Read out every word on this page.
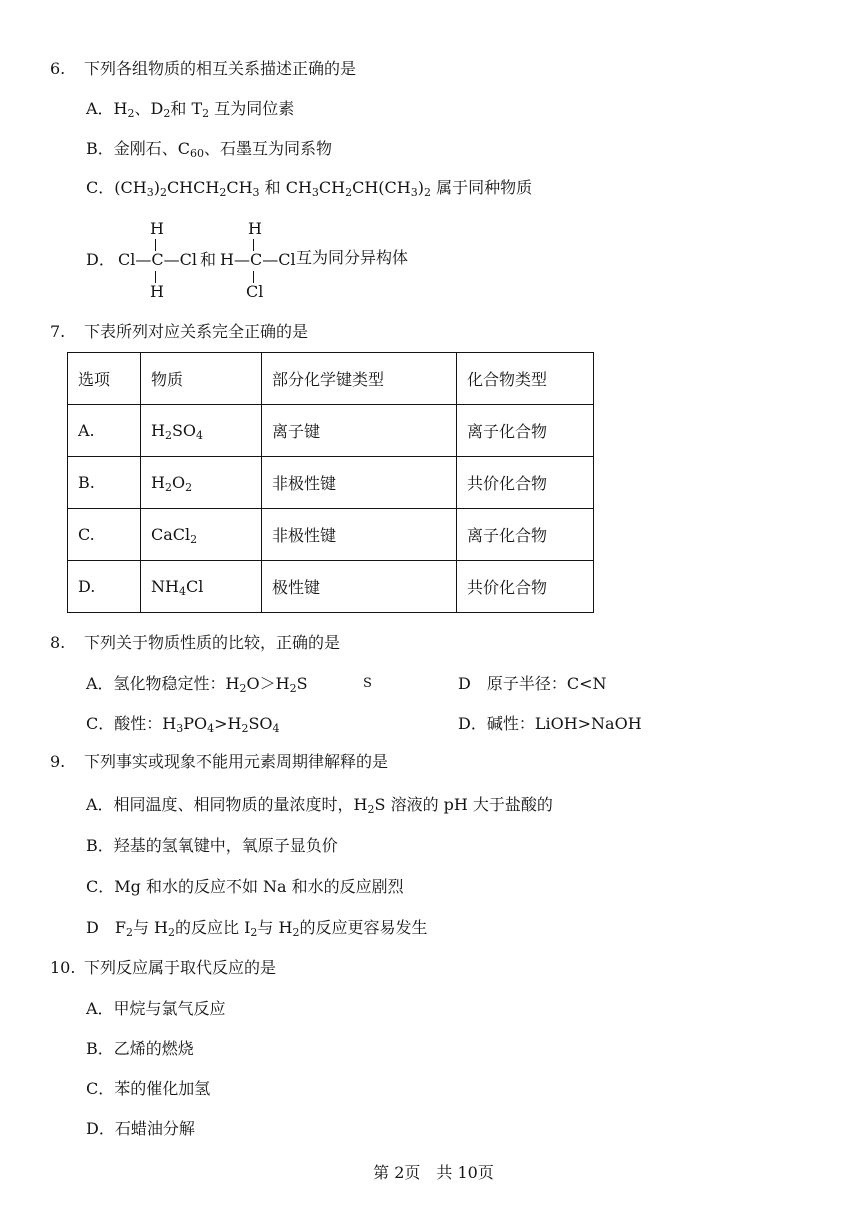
6. 下列各组物质的相互关系描述正确的是
A．$H_2$、$D_2$和 $T_2$ 互为同位素
B．金刚石、$C_{60}$、石墨互为同系物
C．$(CH_3)_2CHCH_2CH_3$ 和 $CH_3CH_2CH(CH_3)_2$ 属于同种物质
D．
H
Cl—C—Cl
H
和
H
H—C—Cl
Cl
互为同分异构体
7. 下表所列对应关系完全正确的是
选项	物质	部分化学键类型	化合物类型
A.	$H_2SO_4$	离子键	离子化合物
B.	$H_2O_2$	非极性键	共价化合物
C.	CaCl$_2$	非极性键	离子化合物
D.	$NH_4Cl$	极性键	共价化合物
8. 下列关于物质性质的比较，正确的是
A．氢化物稳定性：$H_2O>H_2S$	S	D　原子半径：C<N
C．酸性：$H_3PO_4>H_2SO_4$	D．碱性：LiOH>NaOH
9. 下列事实或现象不能用元素周期律解释的是
A．相同温度、相同物质的量浓度时，$H_2S$ 溶液的 pH 大于盐酸的
B．羟基的氢氧键中，氧原子显负价
C．Mg 和水的反应不如 Na 和水的反应剧烈
D　$F_2$与 $H_2$的反应比 $I_2$与 $H_2$的反应更容易发生
10. 下列反应属于取代反应的是
A．甲烷与氯气反应
B．乙烯的燃烧
C．苯的催化加氢
D．石蜡油分解
第 2页　共 10页
